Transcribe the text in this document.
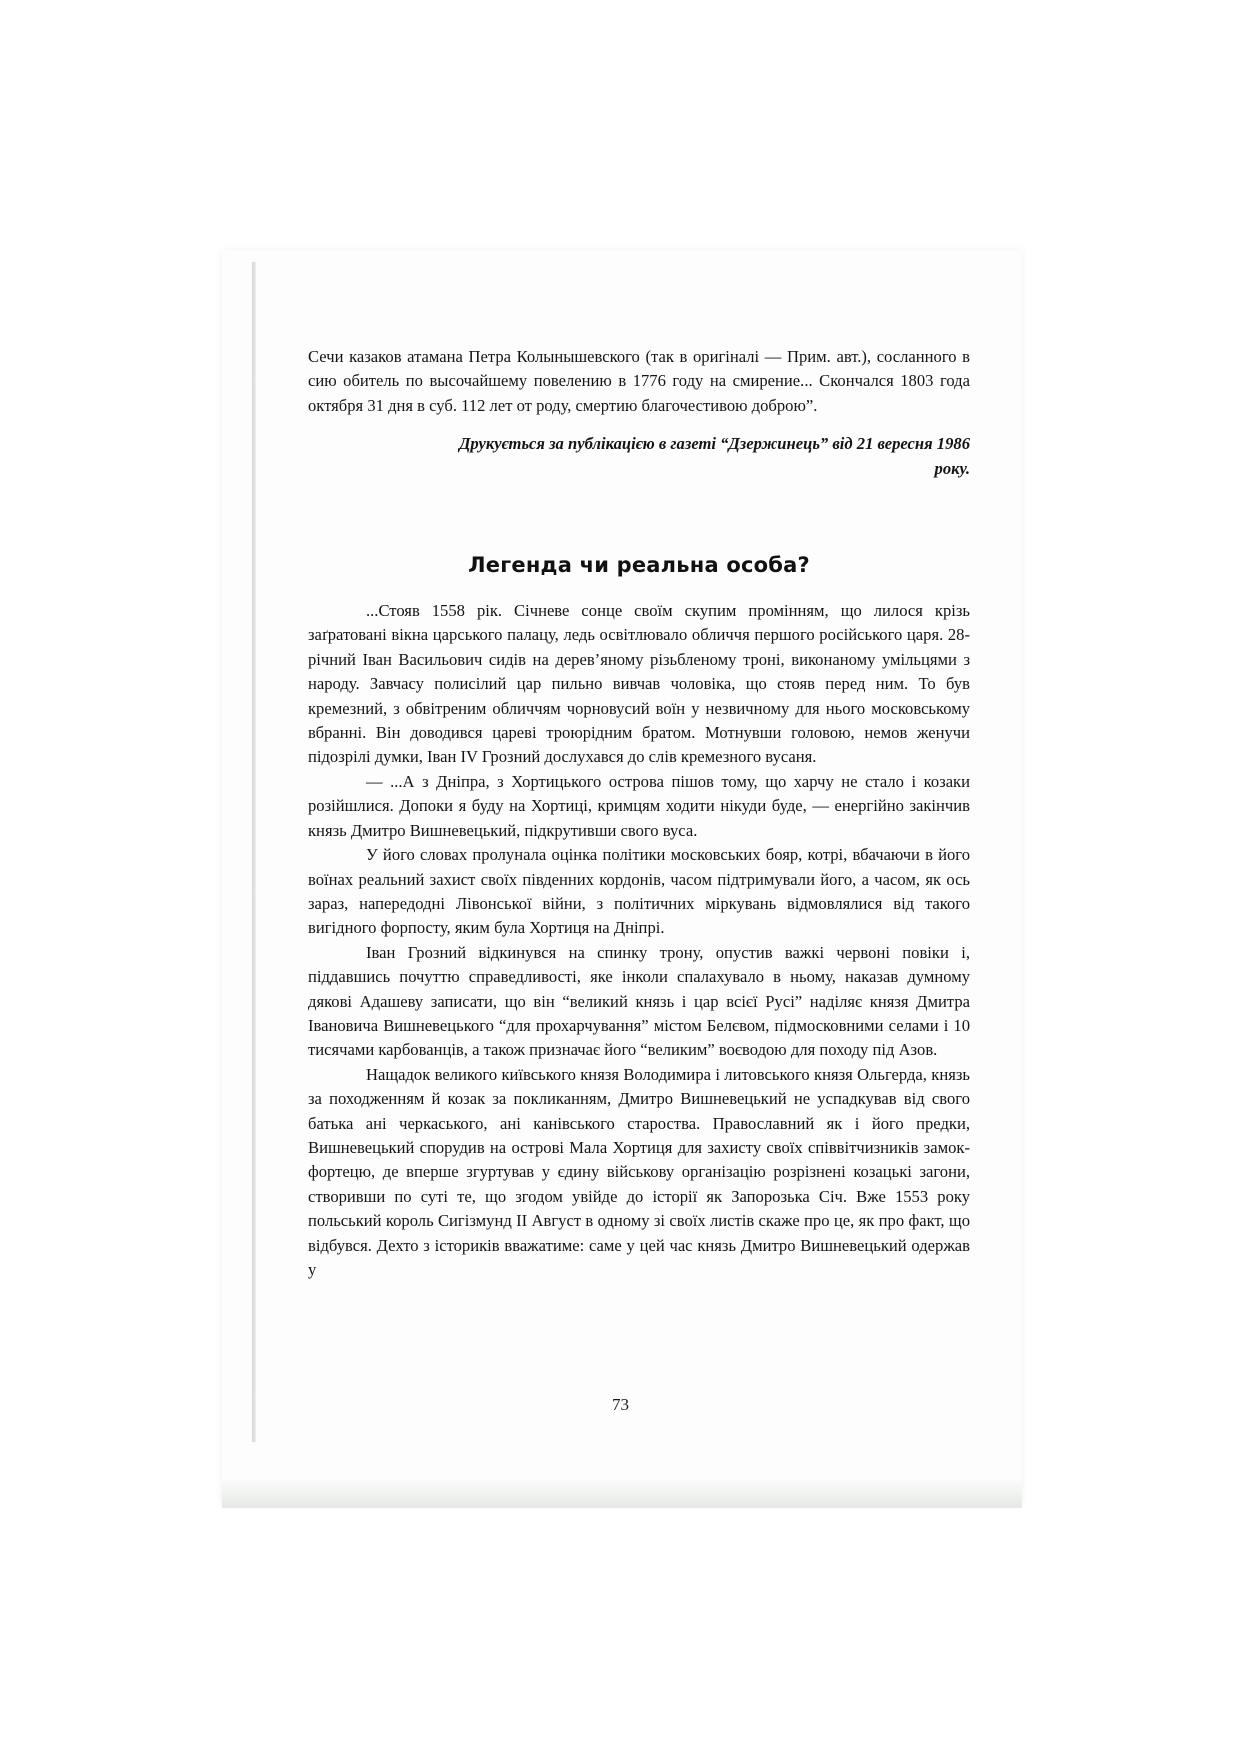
Сечи казаков атамана Петра Колынышевского (так в оригіналі — Прим. авт.), сосланного в сию обитель по высочайшему повелению в 1776 году на смирение... Скончался 1803 года октября 31 дня в суб. 112 лет от роду, смертию благочестивою доброю”.

Друкується за публікацією в газеті “Дзержинець” від 21 вересня 1986 року.

Легенда чи реальна особа?

...Стояв 1558 рік. Січневе сонце своїм скупим промінням, що лилося крізь заґратовані вікна царського палацу, ледь освітлювало обличчя першого російського царя. 28-річний Іван Васильович сидів на дерев’яному різьбленому троні, виконаному умільцями з народу. Завчасу полисілий цар пильно вивчав чоловіка, що стояв перед ним. То був кремезний, з обвітреним обличчям чорновусий воїн у незвичному для нього московському вбранні. Він доводився цареві троюрідним братом. Мотнувши головою, немов женучи підозрілі думки, Іван IV Грозний дослухався до слів кремезного вусаня.

— ...А з Дніпра, з Хортицького острова пішов тому, що харчу не стало і козаки розійшлися. Допоки я буду на Хортиці, кримцям ходити нікуди буде, — енергійно закінчив князь Дмитро Вишневецький, підкрутивши свого вуса.

У його словах пролунала оцінка політики московських бояр, котрі, вбачаючи в його воїнах реальний захист своїх південних кордонів, часом підтримували його, а часом, як ось зараз, напередодні Лівонської війни, з політичних міркувань відмовлялися від такого вигідного форпосту, яким була Хортиця на Дніпрі.

Іван Грозний відкинувся на спинку трону, опустив важкі червоні повіки і, піддавшись почуттю справедливості, яке інколи спалахувало в ньому, наказав думному дякові Адашеву записати, що він “великий князь і цар всієї Русі” наділяє князя Дмитра Івановича Вишневецького “для прохарчування” містом Белєвом, підмосковними селами і 10 тисячами карбованців, а також призначає його “великим” воєводою для походу під Азов.

Нащадок великого київського князя Володимира і литовського князя Ольгерда, князь за походженням й козак за покликанням, Дмитро Вишневецький не успадкував від свого батька ані черкаського, ані канівського староства. Православний як і його предки, Вишневецький спорудив на острові Мала Хортиця для захисту своїх співвітчизників замок-фортецю, де вперше згуртував у єдину військову організацію розрізнені козацькі загони, створивши по суті те, що згодом увійде до історії як Запорозька Січ. Вже 1553 року польський король Сигізмунд II Август в одному зі своїх листів скаже про це, як про факт, що відбувся. Дехто з істориків вважатиме: саме у цей час князь Дмитро Вишневецький одержав у

73
